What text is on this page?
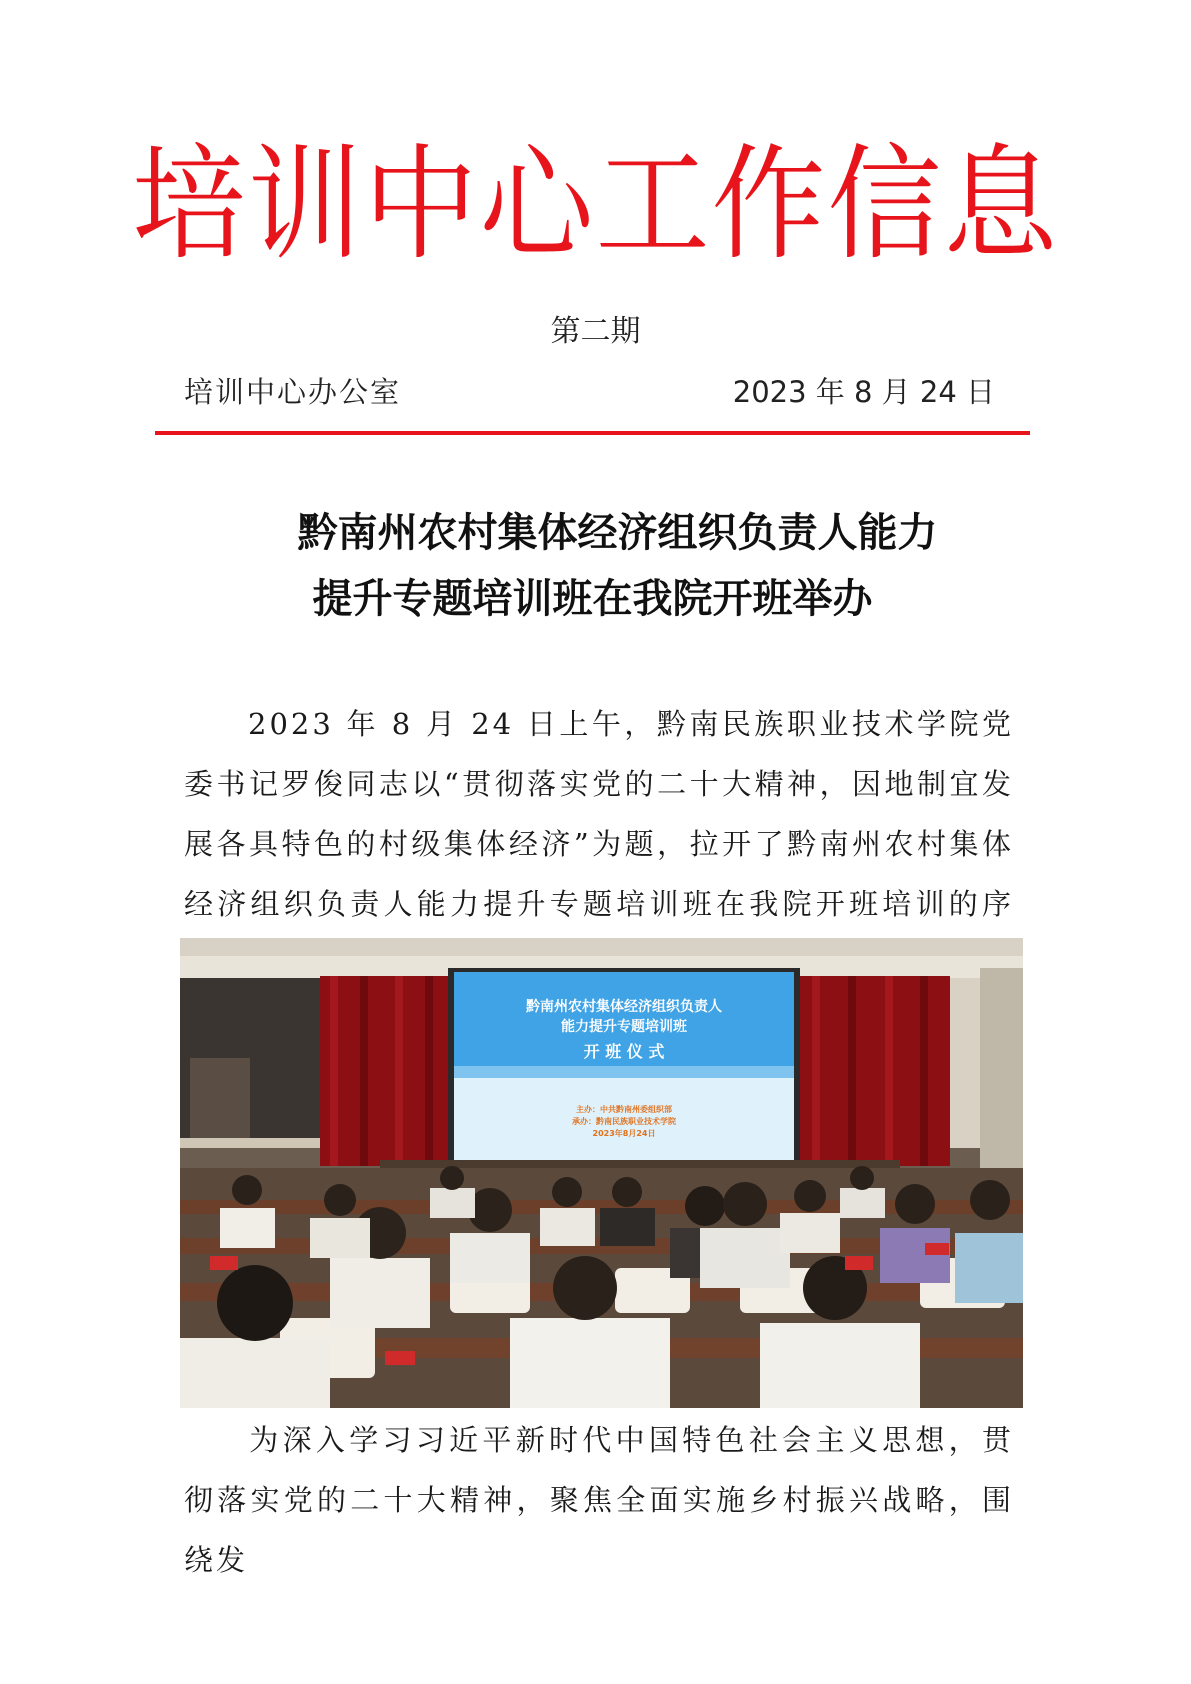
培训中心工作信息
第二期
培训中心办公室	2023 年 8 月 24 日
黔南州农村集体经济组织负责人能力
提升专题培训班在我院开班举办
2023 年 8 月 24 日上午，黔南民族职业技术学院党委书记罗俊同志以“贯彻落实党的二十大精神，因地制宜发展各具特色的村级集体经济”为题，拉开了黔南州农村集体经济组织负责人能力提升专题培训班在我院开班培训的序
黔南州农村集体经济组织负责人
能力提升专题培训班
开 班 仪 式
主办：中共黔南州委组织部
承办：黔南民族职业技术学院
2023年8月24日
为深入学习习近平新时代中国特色社会主义思想，贯彻落实党的二十大精神，聚焦全面实施乡村振兴战略，围绕发
